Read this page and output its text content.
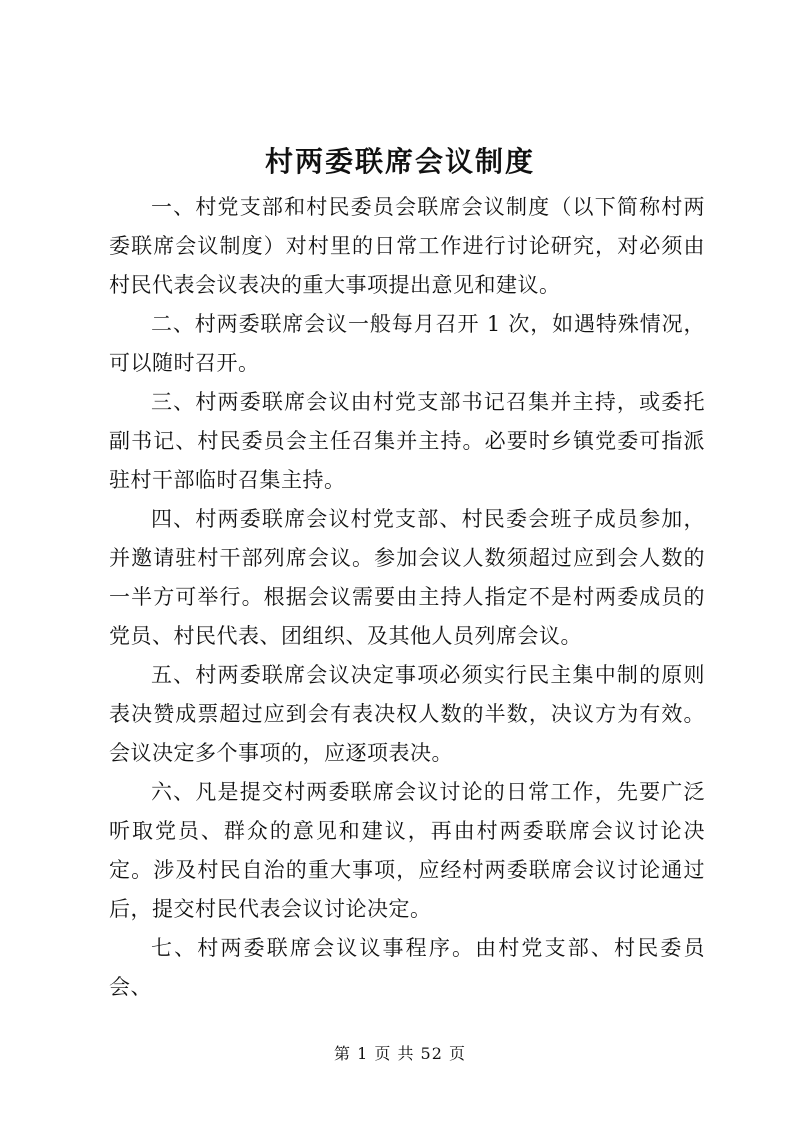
村两委联席会议制度

一、村党支部和村民委员会联席会议制度（以下简称村两委联席会议制度）对村里的日常工作进行讨论研究，对必须由村民代表会议表决的重大事项提出意见和建议。

二、村两委联席会议一般每月召开 1 次，如遇特殊情况，可以随时召开。

三、村两委联席会议由村党支部书记召集并主持，或委托副书记、村民委员会主任召集并主持。必要时乡镇党委可指派驻村干部临时召集主持。

四、村两委联席会议村党支部、村民委会班子成员参加，并邀请驻村干部列席会议。参加会议人数须超过应到会人数的一半方可举行。根据会议需要由主持人指定不是村两委成员的党员、村民代表、团组织、及其他人员列席会议。

五、村两委联席会议决定事项必须实行民主集中制的原则表决赞成票超过应到会有表决权人数的半数，决议方为有效。会议决定多个事项的，应逐项表决。

六、凡是提交村两委联席会议讨论的日常工作，先要广泛听取党员、群众的意见和建议，再由村两委联席会议讨论决定。涉及村民自治的重大事项，应经村两委联席会议讨论通过后，提交村民代表会议讨论决定。

七、村两委联席会议议事程序。由村党支部、村民委员会、

第 1 页 共 52 页
